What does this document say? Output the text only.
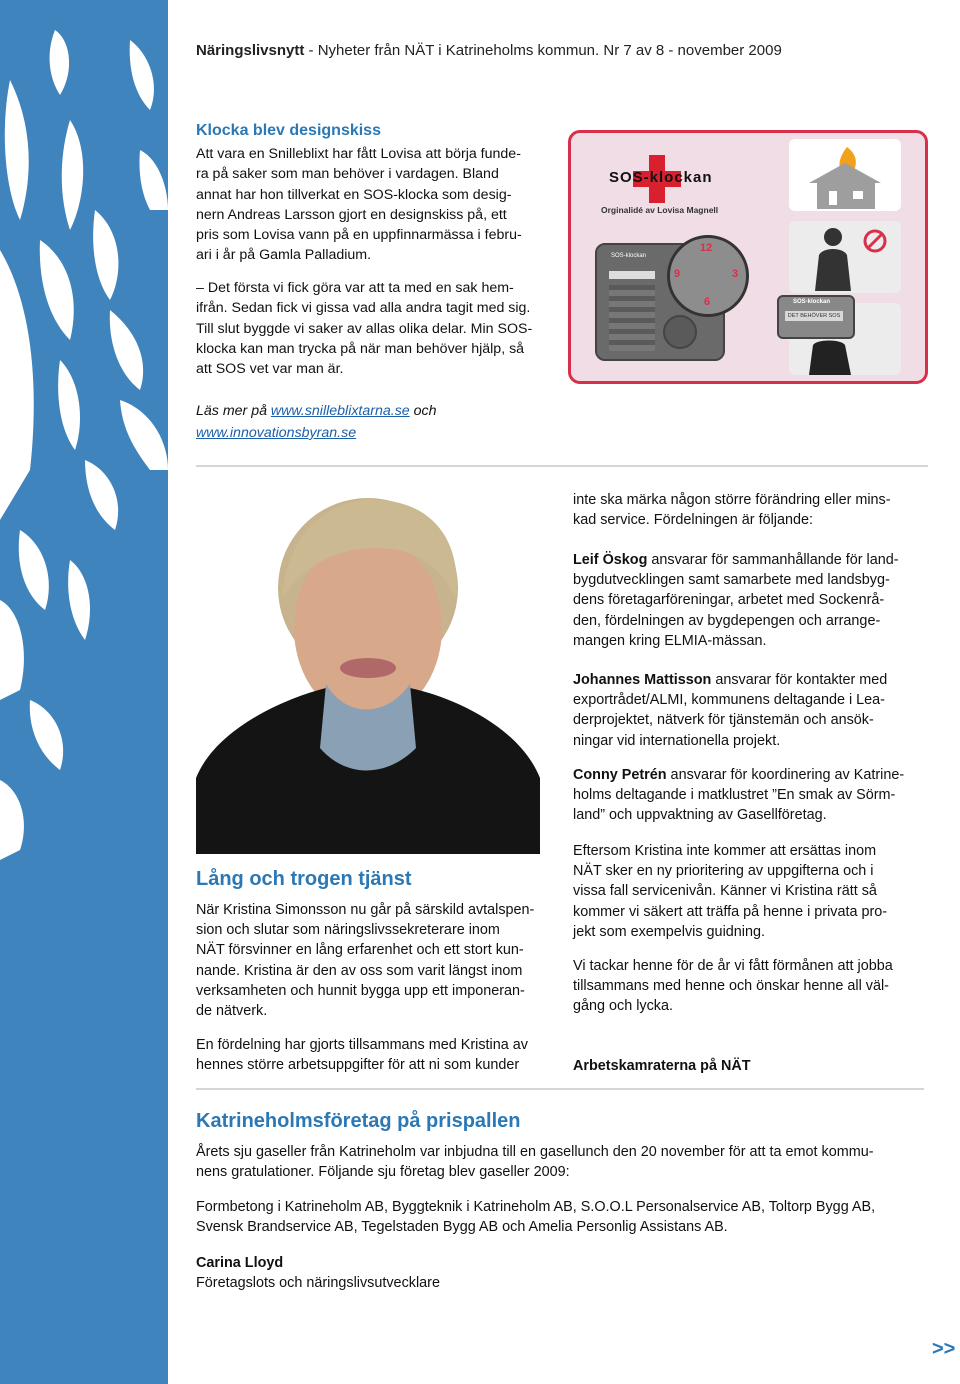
Näringslivsnytt - Nyheter från NÄT i Katrineholms kommun. Nr 7 av 8 - november 2009
Klocka blev designskiss
Att vara en Snilleblixt har fått Lovisa att börja funde-
ra på saker som man behöver i vardagen. Bland
annat har hon tillverkat en SOS-klocka som desig-
nern Andreas Larsson gjort en designskiss på, ett
pris som Lovisa vann på en uppfinnarmässa i febru-
ari i år på Gamla Palladium.
– Det första vi fick göra var att ta med en sak hem-
ifrån. Sedan fick vi gissa vad alla andra tagit med sig.
Till slut byggde vi saker av allas olika delar. Min SOS-
klocka kan man trycka på när man behöver hjälp, så
att SOS vet var man är.
Läs mer på www.snilleblixtarna.se och
www.innovationsbyran.se
SOS-klockan
Orginalidé av Lovisa Magnell
SOS-klockan
12
3
6
9
SOS-klockan
DET BEHÖVER SOS
Lång och trogen tjänst
När Kristina Simonsson nu går på särskild avtalspen-
sion och slutar som näringslivssekreterare inom
NÄT försvinner en lång erfarenhet och ett stort kun-
nande. Kristina är den av oss som varit längst inom
verksamheten och hunnit bygga upp ett imponeran-
de nätverk.
En fördelning har gjorts tillsammans med Kristina av
hennes större arbetsuppgifter för att ni som kunder
inte ska märka någon större förändring eller mins-
kad service. Fördelningen är följande:
Leif Öskog ansvarar för sammanhållande för land-
bygdutvecklingen samt samarbete med landsbyg-
dens företagarföreningar, arbetet med Sockenrå-
den, fördelningen av bygdepengen och arrange-
mangen kring ELMIA-mässan.
Johannes Mattisson ansvarar för kontakter med
exportrådet/ALMI, kommunens deltagande i Lea-
derprojektet, nätverk för tjänstemän och ansök-
ningar vid internationella projekt.
Conny Petrén ansvarar för koordinering av Katrine-
holms deltagande i matklustret ”En smak av Sörm-
land” och uppvaktning av Gasellföretag.
Eftersom Kristina inte kommer att ersättas inom
NÄT sker en ny prioritering av uppgifterna och i
vissa fall servicenivån. Känner vi Kristina rätt så
kommer vi säkert att träffa på henne i privata pro-
jekt som exempelvis guidning.
Vi tackar henne för de år vi fått förmånen att jobba
tillsammans med henne och önskar henne all väl-
gång och lycka.
Arbetskamraterna på NÄT
Katrineholmsföretag på prispallen
Årets sju gaseller från Katrineholm var inbjudna till en gasellunch den 20 november för att ta emot kommu-
nens gratulationer. Följande sju företag blev gaseller 2009:
Formbetong i Katrineholm AB, Byggteknik i Katrineholm AB, S.O.O.L Personalservice AB, Toltorp Bygg AB,
Svensk Brandservice AB, Tegelstaden Bygg AB och Amelia Personlig Assistans AB.
Carina Lloyd
Företagslots och näringslivsutvecklare
>>
